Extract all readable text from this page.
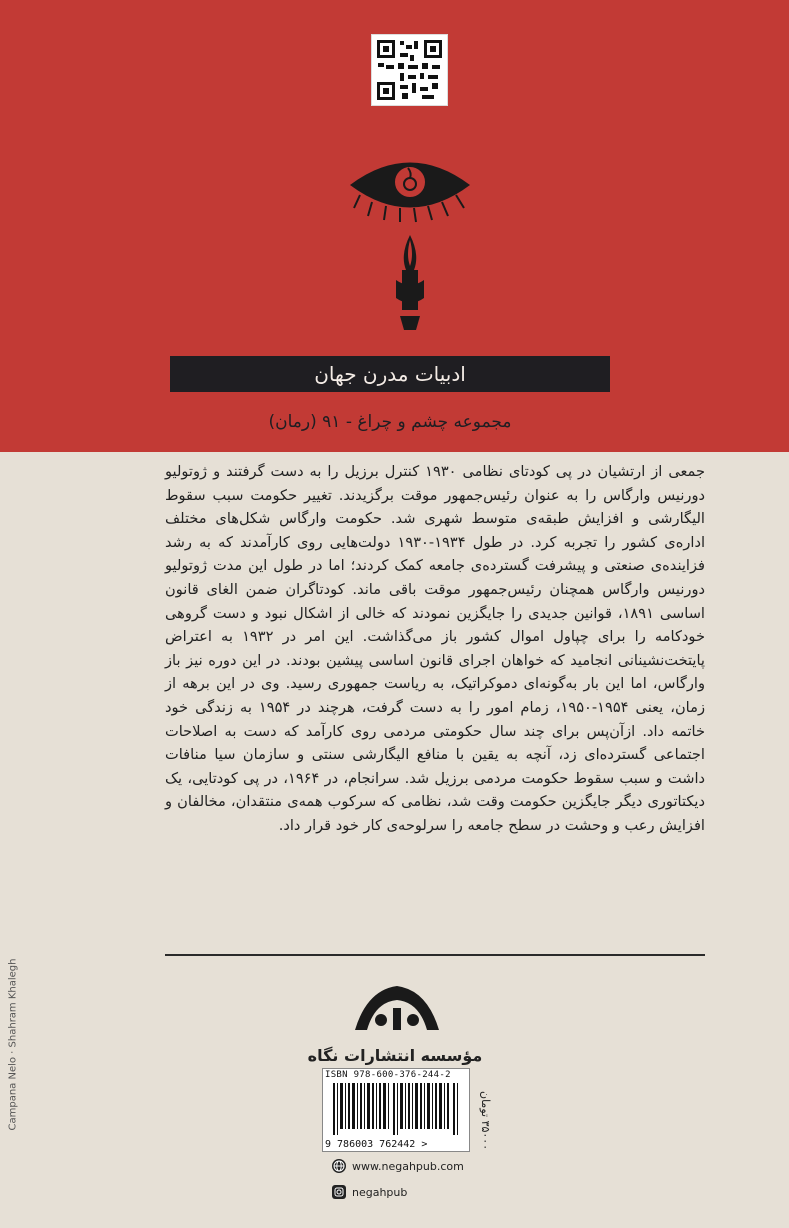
ادبیات مدرن جهان
مجموعه چشم و چراغ - ۹۱ (رمان)
جمعی از ارتشیان در پی کودتای نظامی ۱۹۳۰ کنترل برزیل را به دست گرفتند و ژوتولیو دورنیس وارگاس را به عنوان رئیس‌جمهور موقت برگزیدند. تغییر حکومت سبب سقوط الیگارشی و افزایش طبقه‌ی متوسط شهری شد. حکومت وارگاس شکل‌های مختلف اداره‌ی کشور را تجربه کرد. در طول ۱۹۳۴-۱۹۳۰ دولت‌هایی روی کارآمدند که به رشد فزاینده‌ی صنعتی و پیشرفت گسترده‌ی جامعه کمک کردند؛ اما در طول این مدت ژوتولیو دورنیس وارگاس همچنان رئیس‌جمهور موقت باقی ماند. کودتاگران ضمن الغای قانون اساسی ۱۸۹۱، قوانین جدیدی را جایگزین نمودند که خالی از اشکال نبود و دست گروهی خودکامه را برای چپاول اموال کشور باز می‌گذاشت. این امر در ۱۹۳۲ به اعتراض پایتخت‌نشینانی انجامید که خواهان اجرای قانون اساسی پیشین بودند. در این دوره نیز باز وارگاس، اما این بار به‌گونه‌ای دموکراتیک، به ریاست جمهوری رسید. وی در این برهه از زمان، یعنی ۱۹۵۴-۱۹۵۰، زمام امور را به دست گرفت، هرچند در ۱۹۵۴ به زندگی خود خاتمه داد. ازآن‌پس برای چند سال حکومتی مردمی روی کارآمد که دست به اصلاحات اجتماعی گسترده‌ای زد، آنچه به یقین با منافع الیگارشی سنتی و سازمان سیا منافات داشت و سبب سقوط حکومت مردمی برزیل شد. سرانجام، در ۱۹۶۴، در پی کودتایی، یک دیکتاتوری دیگر جایگزین حکومت وقت شد، نظامی که سرکوب همه‌ی منتقدان، مخالفان و افزایش رعب و وحشت در سطح جامعه را سرلوحه‌ی کار خود قرار داد.
مؤسسه انتشارات نگاه
ISBN 978-600-376-244-2
9 786003 762442 >
۳۵۰۰۰ تومان
www.negahpub.com
negahpub
Campana Nelo · Shahram Khalegh
